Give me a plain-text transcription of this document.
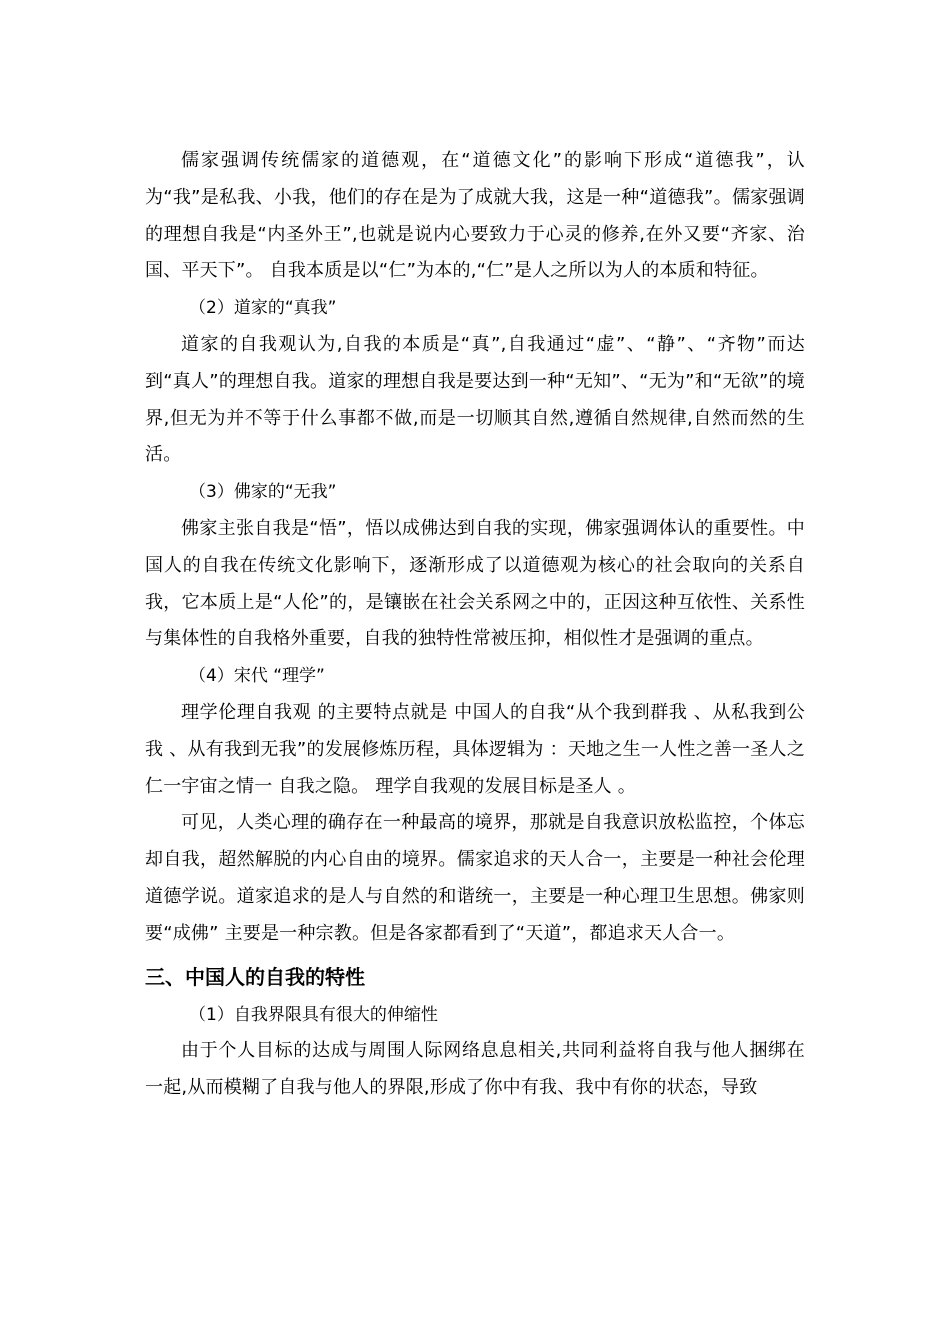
儒家强调传统儒家的道德观，在“道德文化”的影响下形成“道德我”，认为“我”是私我、小我，他们的存在是为了成就大我，这是一种“道德我”。儒家强调的理想自我是“内圣外王”,也就是说内心要致力于心灵的修养,在外又要“齐家、治国、平天下”。 自我本质是以“仁”为本的,“仁”是人之所以为人的本质和特征。

（2）道家的“真我”

道家的自我观认为,自我的本质是“真”,自我通过“虚”、“静”、“齐物”而达到“真人”的理想自我。道家的理想自我是要达到一种“无知”、“无为”和“无欲”的境界,但无为并不等于什么事都不做,而是一切顺其自然,遵循自然规律,自然而然的生活。

（3）佛家的“无我”

佛家主张自我是“悟”，悟以成佛达到自我的实现，佛家强调体认的重要性。中国人的自我在传统文化影响下，逐渐形成了以道德观为核心的社会取向的关系自我，它本质上是“人伦”的，是镶嵌在社会关系网之中的，正因这种互依性、关系性与集体性的自我格外重要，自我的独特性常被压抑，相似性才是强调的重点。

（4）宋代 “理学”

理学伦理自我观 的主要特点就是 中国人的自我“从个我到群我 、从私我到公我 、从有我到无我”的发展修炼历程，具体逻辑为 ：天地之生一人性之善一圣人之仁一宇宙之情一 自我之隐。 理学自我观的发展目标是圣人 。

可见，人类心理的确存在一种最高的境界，那就是自我意识放松监控，个体忘却自我，超然解脱的内心自由的境界。儒家追求的天人合一，主要是一种社会伦理道德学说。道家追求的是人与自然的和谐统一，主要是一种心理卫生思想。佛家则要“成佛” 主要是一种宗教。但是各家都看到了“天道”，都追求天人合一。

三、中国人的自我的特性

（1）自我界限具有很大的伸缩性

由于个人目标的达成与周围人际网络息息相关,共同利益将自我与他人捆绑在一起,从而模糊了自我与他人的界限,形成了你中有我、我中有你的状态，导致
